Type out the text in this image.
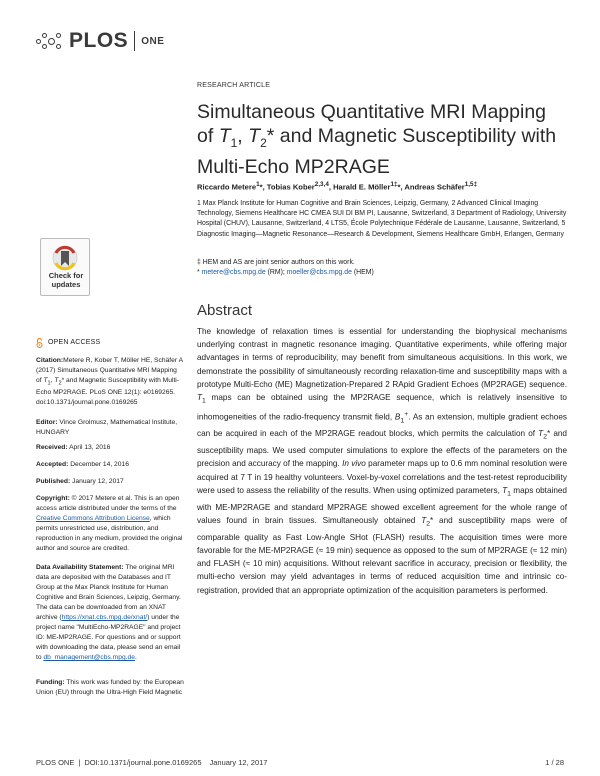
PLOS ONE
RESEARCH ARTICLE
Simultaneous Quantitative MRI Mapping of $T_1$, $T_2*$ and Magnetic Susceptibility with Multi-Echo MP2RAGE
Riccardo Metere$^1$*, Tobias Kober$^{2,3,4}$, Harald E. Möller$^{1\ddagger}$*, Andreas Schäfer$^{1,5\ddagger}$
1 Max Planck Institute for Human Cognitive and Brain Sciences, Leipzig, Germany, 2 Advanced Clinical Imaging Technology, Siemens Healthcare HC CMEA SUI DI BM PI, Lausanne, Switzerland, 3 Department of Radiology, University Hospital (CHUV), Lausanne, Switzerland, 4 LTS5, École Polytechnique Fédérale de Lausanne, Lausanne, Switzerland, 5 Diagnostic Imaging—Magnetic Resonance—Research & Development, Siemens Healthcare GmbH, Erlangen, Germany
‡ HEM and AS are joint senior authors on this work.
* metere@cbs.mpg.de (RM); moeller@cbs.mpg.de (HEM)
Abstract

The knowledge of relaxation times is essential for understanding the biophysical mechanisms underlying contrast in magnetic resonance imaging. Quantitative experiments, while offering major advantages in terms of reproducibility, may benefit from simultaneous acquisitions. In this work, we demonstrate the possibility of simultaneously recording relaxation-time and susceptibility maps with a prototype Multi-Echo (ME) Magnetization-Prepared 2 RApid Gradient Echoes (MP2RAGE) sequence. $T_1$ maps can be obtained using the MP2RAGE sequence, which is relatively insensitive to inhomogeneities of the radio-frequency transmit field, $B_1^+$. As an extension, multiple gradient echoes can be acquired in each of the MP2RAGE readout blocks, which permits the calculation of $T_2*$ and susceptibility maps. We used computer simulations to explore the effects of the parameters on the precision and accuracy of the mapping. In vivo parameter maps up to 0.6 mm nominal resolution were acquired at 7 T in 19 healthy volunteers. Voxel-by-voxel correlations and the test-retest reproducibility were used to assess the reliability of the results. When using optimized parameters, $T_1$ maps obtained with ME-MP2RAGE and standard MP2RAGE showed excellent agreement for the whole range of values found in brain tissues. Simultaneously obtained $T_2*$ and susceptibility maps were of comparable quality as Fast Low-Angle SHot (FLASH) results. The acquisition times were more favorable for the ME-MP2RAGE (≈ 19 min) sequence as opposed to the sum of MP2RAGE (≈ 12 min) and FLASH (≈ 10 min) acquisitions. Without relevant sacrifice in accuracy, precision or flexibility, the multi-echo version may yield advantages in terms of reduced acquisition time and intrinsic co-registration, provided that an appropriate optimization of the acquisition parameters is performed.

Check for
updates
OPEN ACCESS
Citation:Metere R, Kober T, Möller HE, Schäfer A (2017) Simultaneous Quantitative MRI Mapping of $T_1$, $T_2*$ and Magnetic Susceptibility with Multi-Echo MP2RAGE. PLoS ONE 12(1): e0169265. doi:10.1371/journal.pone.0169265
Editor: Vince Grolmusz, Mathematical Institute, HUNGARY
Received: April 13, 2016
Accepted: December 14, 2016
Published: January 12, 2017
Copyright: © 2017 Metere et al. This is an open access article distributed under the terms of the Creative Commons Attribution License, which permits unrestricted use, distribution, and reproduction in any medium, provided the original author and source are credited.
Data Availability Statement: The original MRI data are deposited with the Databases and IT Group at the Max Planck Institute for Human Cognitive and Brain Sciences, Leipzig, Germany. The data can be downloaded from an XNAT archive (https://xnat.cbs.mpg.de/xnat/) under the project name "MultiEcho-MP2RAGE" and project ID: ME-MP2RAGE. For questions and or support with downloading the data, please send an email to db_management@cbs.mpg.de.
Funding: This work was funded by: the European Union (EU) through the Ultra-High Field Magnetic
PLOS ONE | DOI:10.1371/journal.pone.0169265 January 12, 2017	1 / 28
